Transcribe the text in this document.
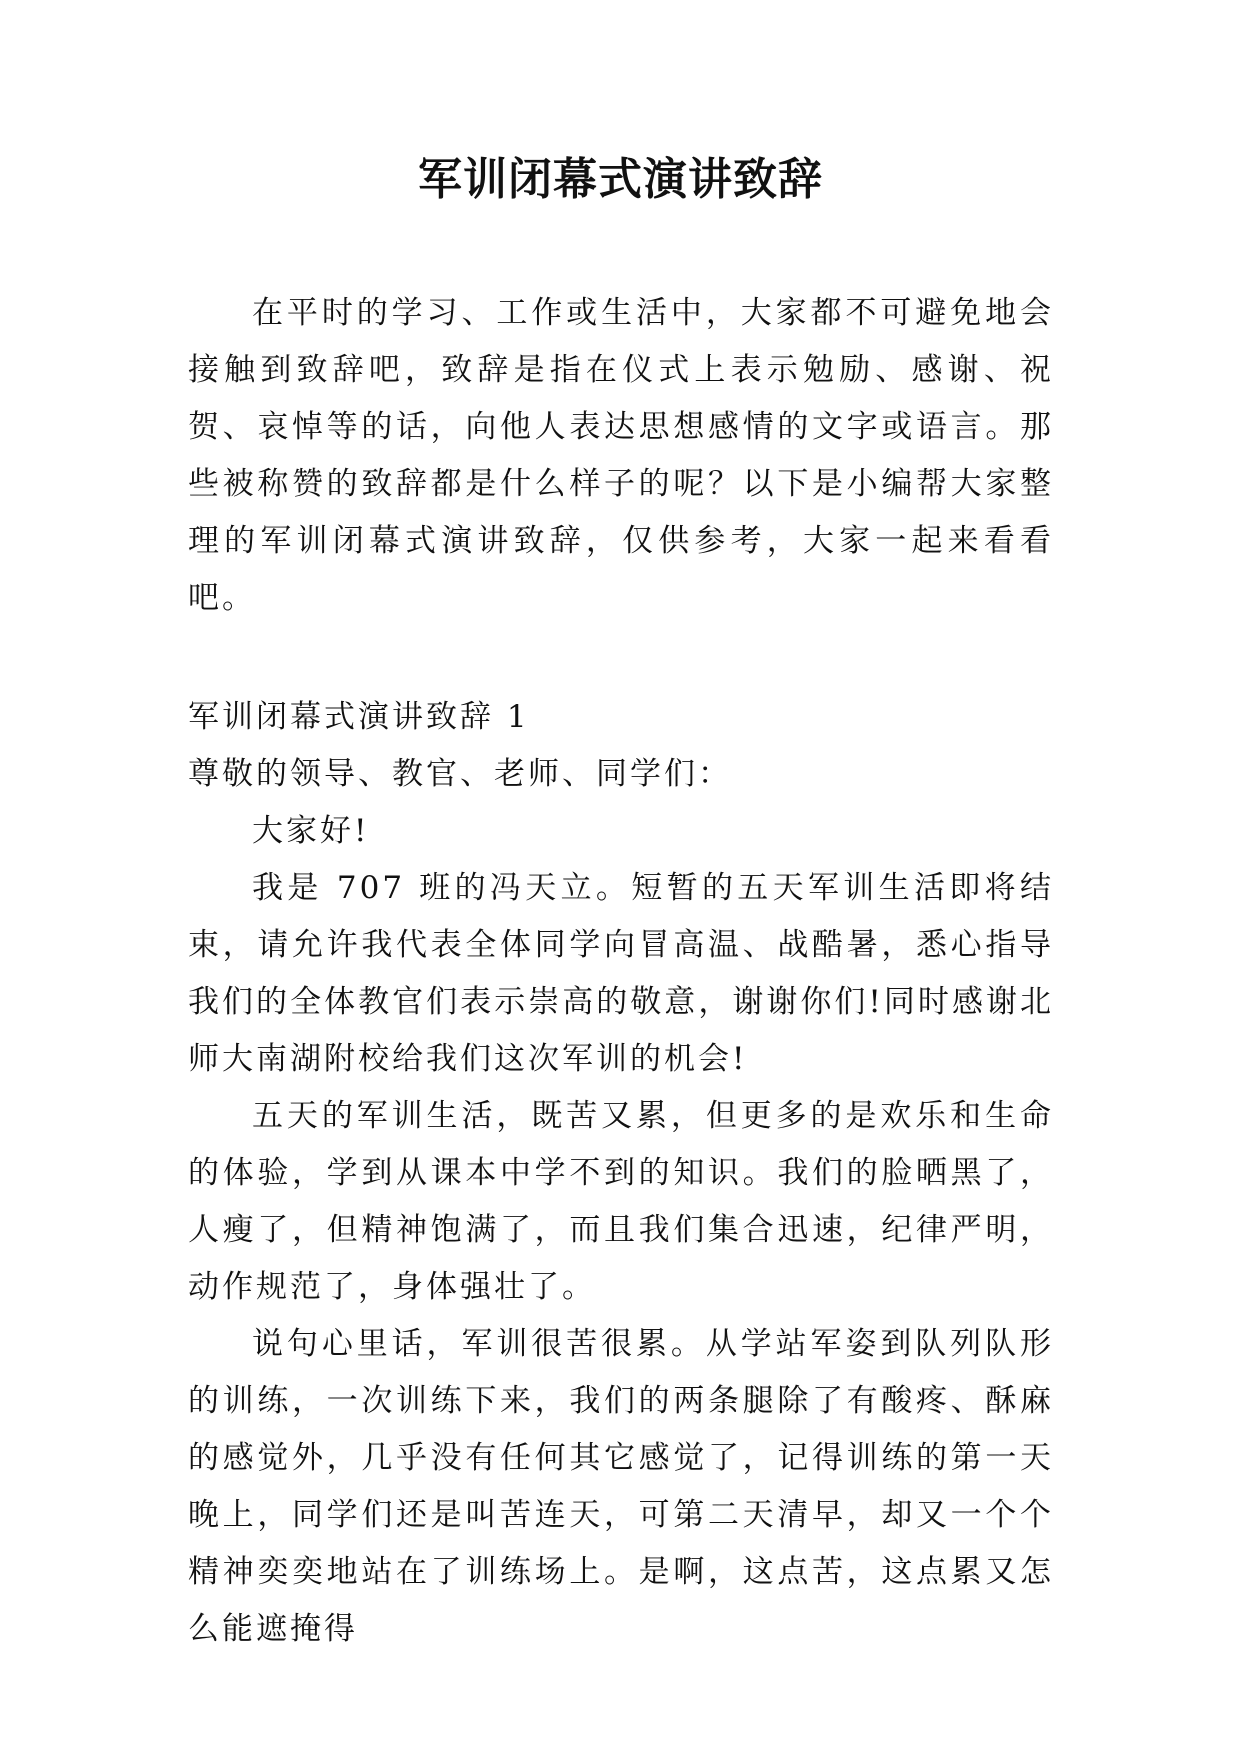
军训闭幕式演讲致辞

在平时的学习、工作或生活中，大家都不可避免地会接触到致辞吧，致辞是指在仪式上表示勉励、感谢、祝贺、哀悼等的话，向他人表达思想感情的文字或语言。那些被称赞的致辞都是什么样子的呢？以下是小编帮大家整理的军训闭幕式演讲致辞，仅供参考，大家一起来看看吧。

军训闭幕式演讲致辞 1

尊敬的领导、教官、老师、同学们：

大家好!

我是 707 班的冯天立。短暂的五天军训生活即将结束，请允许我代表全体同学向冒高温、战酷暑，悉心指导我们的全体教官们表示崇高的敬意，谢谢你们!同时感谢北师大南湖附校给我们这次军训的机会!

五天的军训生活，既苦又累，但更多的是欢乐和生命的体验，学到从课本中学不到的知识。我们的脸晒黑了，人瘦了，但精神饱满了，而且我们集合迅速，纪律严明，动作规范了，身体强壮了。

说句心里话，军训很苦很累。从学站军姿到队列队形的训练，一次训练下来，我们的两条腿除了有酸疼、酥麻的感觉外，几乎没有任何其它感觉了，记得训练的第一天晚上，同学们还是叫苦连天，可第二天清早，却又一个个精神奕奕地站在了训练场上。是啊，这点苦，这点累又怎么能遮掩得
